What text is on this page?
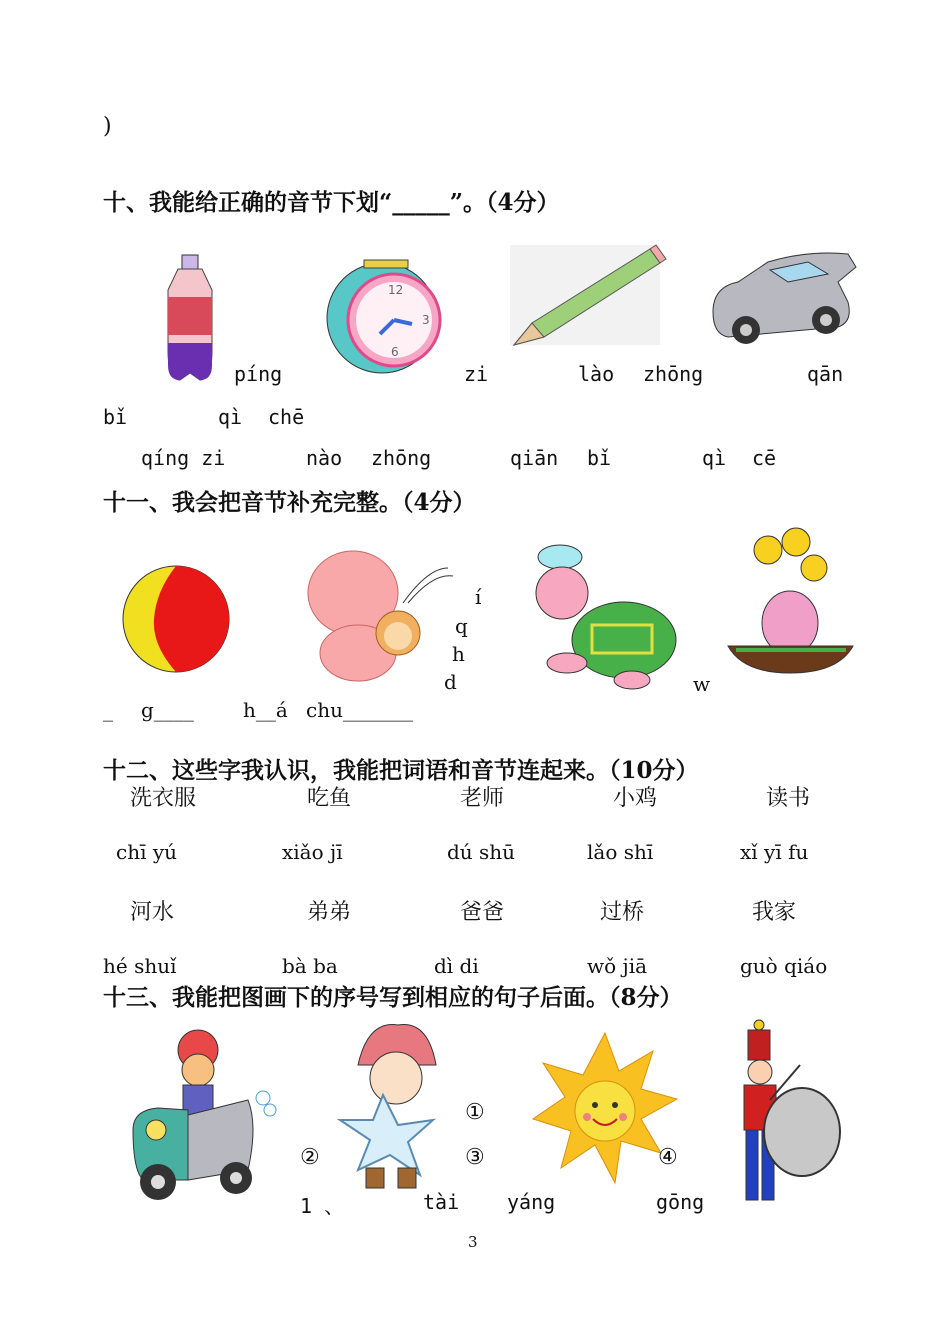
)
十、我能给正确的音节下划“_____”。（4分）
12
3
6
píng	zi	lào zhōng	qān
bǐ	qì chē
qíng zi	nào zhōng	qiān bǐ	qì cē
十一、我会把音节补充完整。（4分）
í
q
h
d	w
_ g____ h__á chu_______
十二、这些字我认识，我能把词语和音节连起来。（10分）
洗衣服	吃鱼	老师	小鸡	读书
chī yú	xiǎo jī	dú shū	lǎo shī	xǐ yī fu
河水	弟弟	爸爸	过桥	我家
hé shuǐ	bà ba	dì di	wǒ jiā	guò qiáo
十三、我能把图画下的序号写到相应的句子后面。（8分）
①
②	③	④
1 、	tài yáng	gōng
3
